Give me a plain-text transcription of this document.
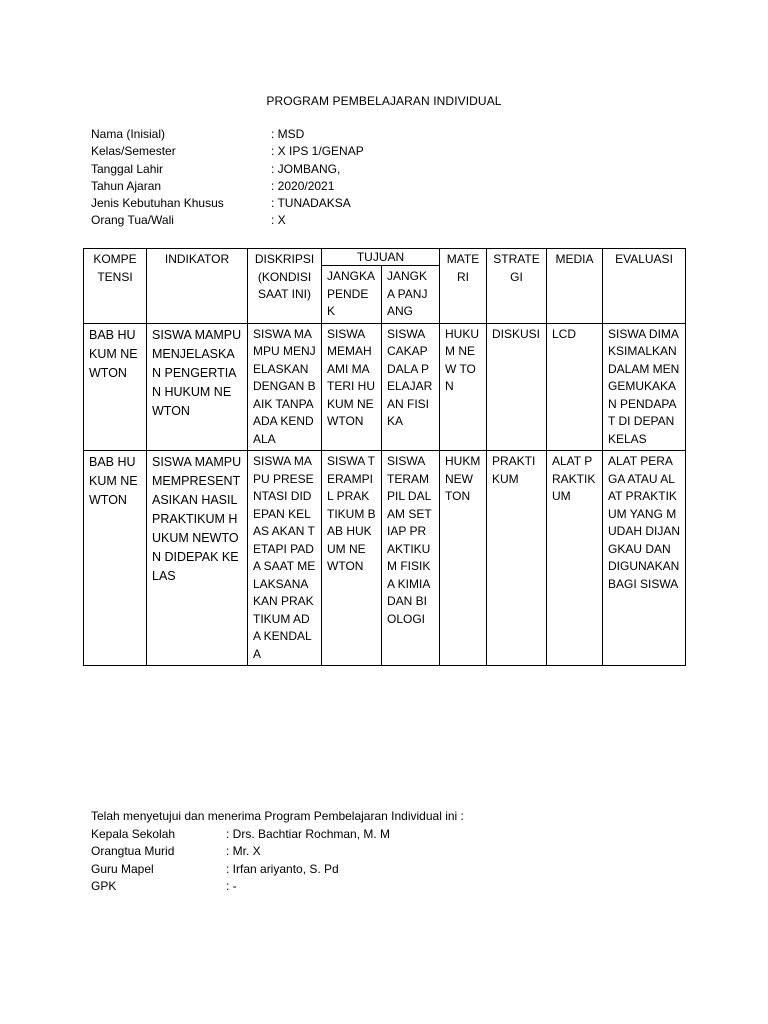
PROGRAM PEMBELAJARAN INDIVIDUAL
Nama (Inisial)	: MSD
Kelas/Semester	: X IPS 1/GENAP
Tanggal Lahir	: JOMBANG,
Tahun Ajaran	: 2020/2021
Jenis Kebutuhan Khusus	: TUNADAKSA
Orang Tua/Wali	: X
KOMPE TENSI	INDIKATOR	DISKRIPSI (KONDISI SAAT INI)	TUJUAN		MATE RI	STRATE GI	MEDIA	EVALUASI
			JANGKA PENDEK	JANGKA PANJANG				
BAB HUKUM NEWTON	SISWA MAMPU MENJELASKAN PENGERTIAN HUKUM NEWTON	SISWA MAMPU MENJELASKAN DENGAN BAIK TANPA ADA KENDALA	SISWA MEMAHAMI MATERI HUKUM NEWTON	SISWA CAKAP DALA PELAJARAN FISIKA	HUKUM NEW TON	DISKUSI	LCD	SISWA DIMAKSIMALKAN DALAM MENGEMUKAKAN PENDAPAT DI DEPAN KELAS
BAB HUKUM NEWTON	SISWA MAMPU MEMPRESENTASIKAN HASIL PRAKTIKUM HUKUM NEWTON DIDEPAK KELAS	SISWA MAPU PRESENTASI DIDEPAN KELAS AKAN TETAPI PADA SAAT MELAKSANAKAN PRAKTIKUM ADA KENDALA	SISWA TERAMPIL PRAKTIKUM BAB HUKUM NEWTON	SISWA TERAMPIL DALAM SETIAP PRAKTIKUM FISIKA KIMIA DAN BIOLOGI	HUKM NEW TON	PRAKTIKUM	ALAT PRAKTIKUM	ALAT PERAGA ATAU ALAT PRAKTIKUM YANG MUDAH DIJANGKAU DAN DIGUNAKAN BAGI SISWA
Telah menyetujui dan menerima Program Pembelajaran Individual ini :
Kepala Sekolah	: Drs. Bachtiar Rochman, M. M
Orangtua Murid	: Mr. X
Guru Mapel	: Irfan ariyanto, S. Pd
GPK	: -
